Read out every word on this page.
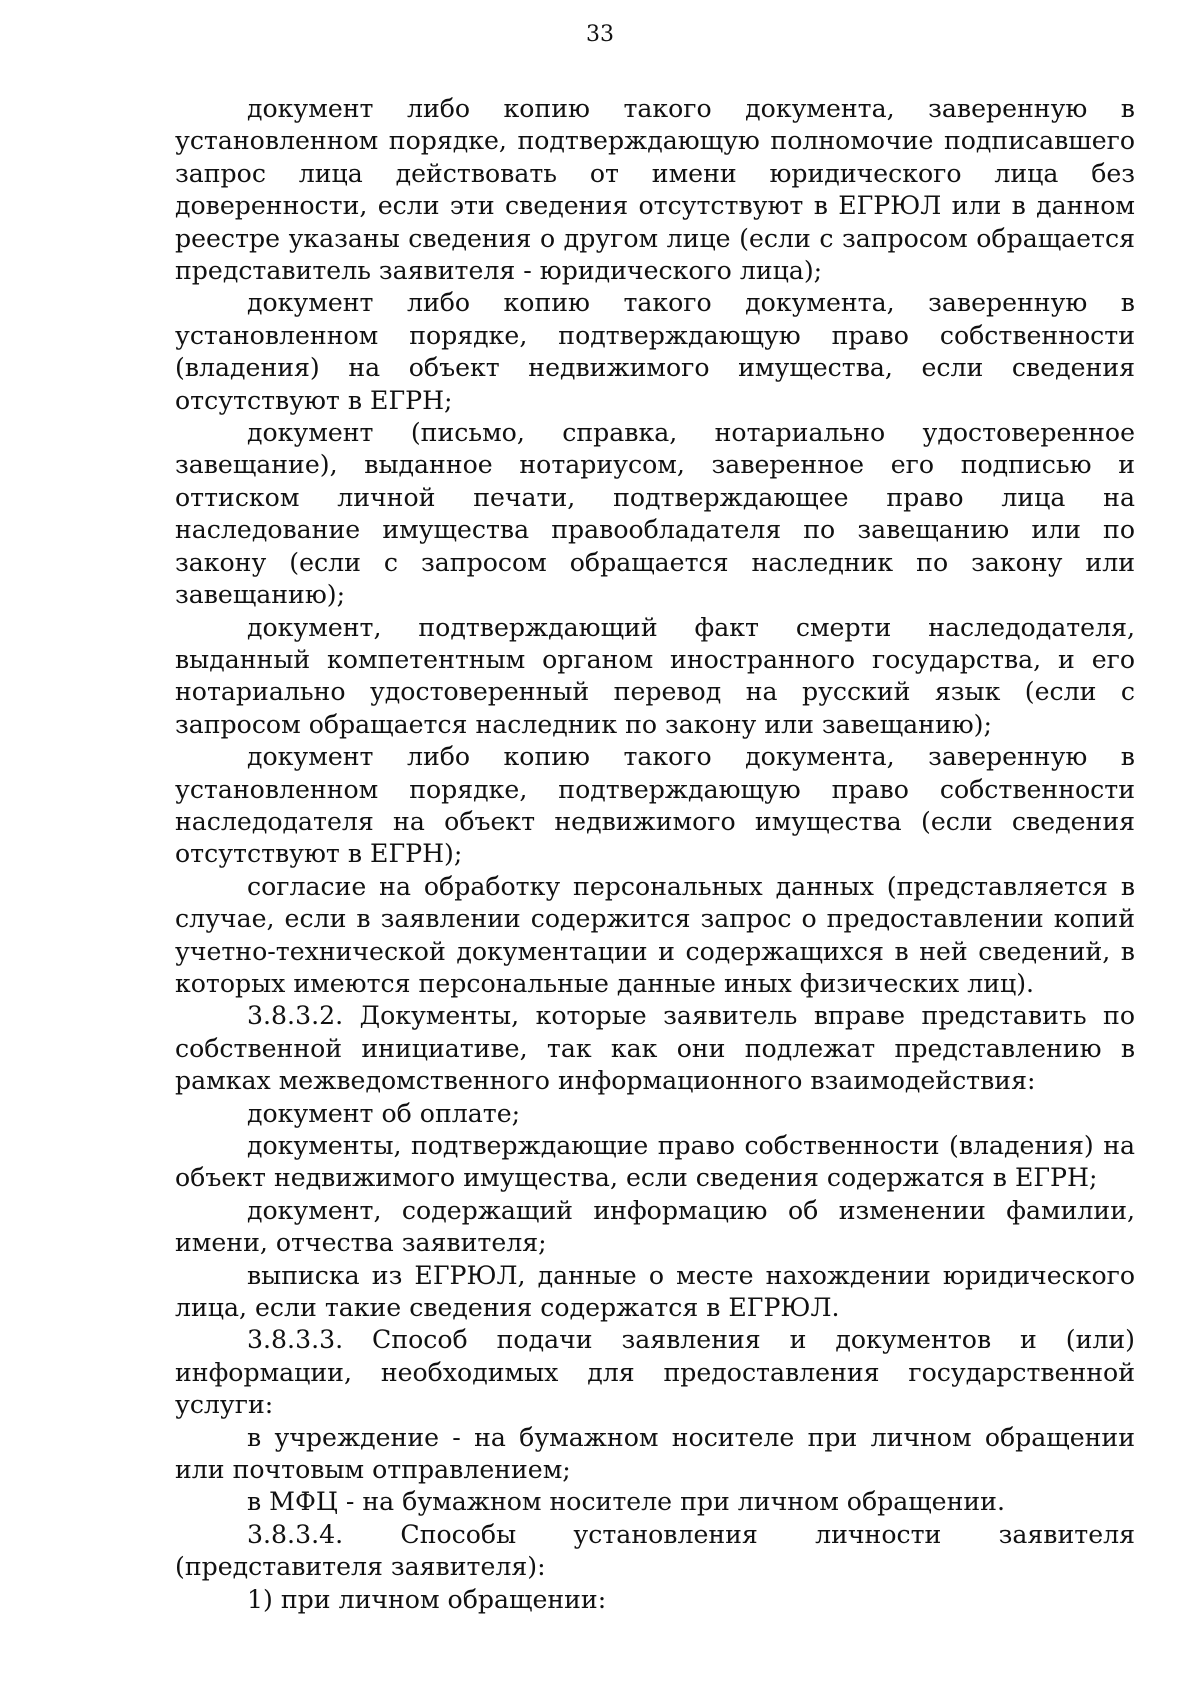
33

документ либо копию такого документа, заверенную в установленном порядке, подтверждающую полномочие подписавшего запрос лица действовать от имени юридического лица без доверенности, если эти сведения отсутствуют в ЕГРЮЛ или в данном реестре указаны сведения о другом лице (если с запросом обращается представитель заявителя - юридического лица);

документ либо копию такого документа, заверенную в установленном порядке, подтверждающую право собственности (владения) на объект недвижимого имущества, если сведения отсутствуют в ЕГРН;

документ (письмо, справка, нотариально удостоверенное завещание), выданное нотариусом, заверенное его подписью и оттиском личной печати, подтверждающее право лица на наследование имущества правообладателя по завещанию или по закону (если с запросом обращается наследник по закону или завещанию);

документ, подтверждающий факт смерти наследодателя, выданный компетентным органом иностранного государства, и его нотариально удостоверенный перевод на русский язык (если с запросом обращается наследник по закону или завещанию);

документ либо копию такого документа, заверенную в установленном порядке, подтверждающую право собственности наследодателя на объект недвижимого имущества (если сведения отсутствуют в ЕГРН);

согласие на обработку персональных данных (представляется в случае, если в заявлении содержится запрос о предоставлении копий учетно-технической документации и содержащихся в ней сведений, в которых имеются персональные данные иных физических лиц).

3.8.3.2. Документы, которые заявитель вправе представить по собственной инициативе, так как они подлежат представлению в рамках межведомственного информационного взаимодействия:

документ об оплате;

документы, подтверждающие право собственности (владения) на объект недвижимого имущества, если сведения содержатся в ЕГРН;

документ, содержащий информацию об изменении фамилии, имени, отчества заявителя;

выписка из ЕГРЮЛ, данные о месте нахождении юридического лица, если такие сведения содержатся в ЕГРЮЛ.

3.8.3.3. Способ подачи заявления и документов и (или) информации, необходимых для предоставления государственной услуги:

в учреждение - на бумажном носителе при личном обращении или почтовым отправлением;

в МФЦ - на бумажном носителе при личном обращении.

3.8.3.4. Способы установления личности заявителя (представителя заявителя):

1) при личном обращении:
